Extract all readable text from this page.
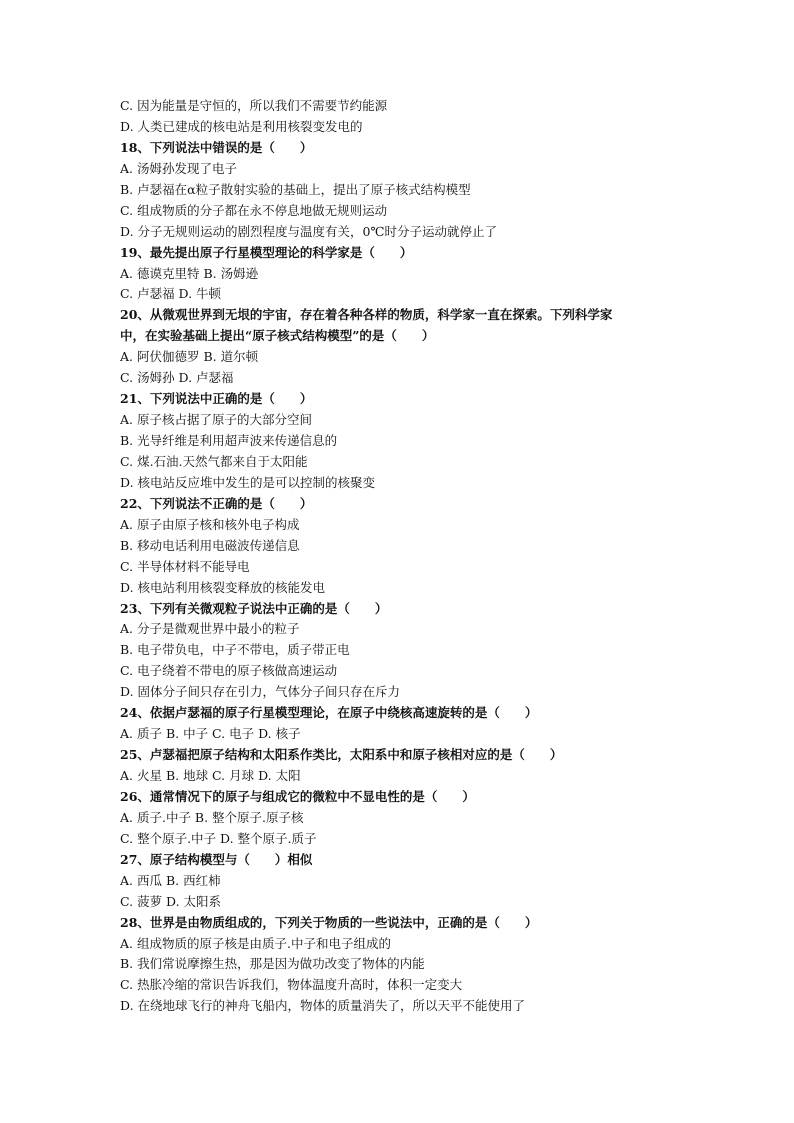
C. 因为能量是守恒的，所以我们不需要节约能源
D. 人类已建成的核电站是利用核裂变发电的
18、下列说法中错误的是（　　）
A. 汤姆孙发现了电子
B. 卢瑟福在α粒子散射实验的基础上，提出了原子核式结构模型
C. 组成物质的分子都在永不停息地做无规则运动
D. 分子无规则运动的剧烈程度与温度有关，0℃时分子运动就停止了
19、最先提出原子行星模型理论的科学家是（　　）
A. 德谟克里特 B. 汤姆逊
C. 卢瑟福 D. 牛顿
20、从微观世界到无垠的宇宙，存在着各种各样的物质，科学家一直在探索。下列科学家
中，在实验基础上提出“原子核式结构模型”的是（　　）
A. 阿伏伽德罗 B. 道尔顿
C. 汤姆孙 D. 卢瑟福
21、下列说法中正确的是（　　）
A. 原子核占据了原子的大部分空间
B. 光导纤维是利用超声波来传递信息的
C. 煤.石油.天然气都来自于太阳能
D. 核电站反应堆中发生的是可以控制的核聚变
22、下列说法不正确的是（　　）
A. 原子由原子核和核外电子构成
B. 移动电话利用电磁波传递信息
C. 半导体材料不能导电
D. 核电站利用核裂变释放的核能发电
23、下列有关微观粒子说法中正确的是（　　）
A. 分子是微观世界中最小的粒子
B. 电子带负电，中子不带电，质子带正电
C. 电子绕着不带电的原子核做高速运动
D. 固体分子间只存在引力，气体分子间只存在斥力
24、依据卢瑟福的原子行星模型理论，在原子中绕核高速旋转的是（　　）
A. 质子 B. 中子 C. 电子 D. 核子
25、卢瑟福把原子结构和太阳系作类比，太阳系中和原子核相对应的是（　　）
A. 火星 B. 地球 C. 月球 D. 太阳
26、通常情况下的原子与组成它的微粒中不显电性的是（　　）
A. 质子.中子 B. 整个原子.原子核
C. 整个原子.中子 D. 整个原子.质子
27、原子结构模型与（　　）相似
A. 西瓜 B. 西红柿
C. 菠萝 D. 太阳系
28、世界是由物质组成的，下列关于物质的一些说法中，正确的是（　　）
A. 组成物质的原子核是由质子.中子和电子组成的
B. 我们常说摩擦生热，那是因为做功改变了物体的内能
C. 热胀冷缩的常识告诉我们，物体温度升高时，体积一定变大
D. 在绕地球飞行的神舟飞船内，物体的质量消失了，所以天平不能使用了
